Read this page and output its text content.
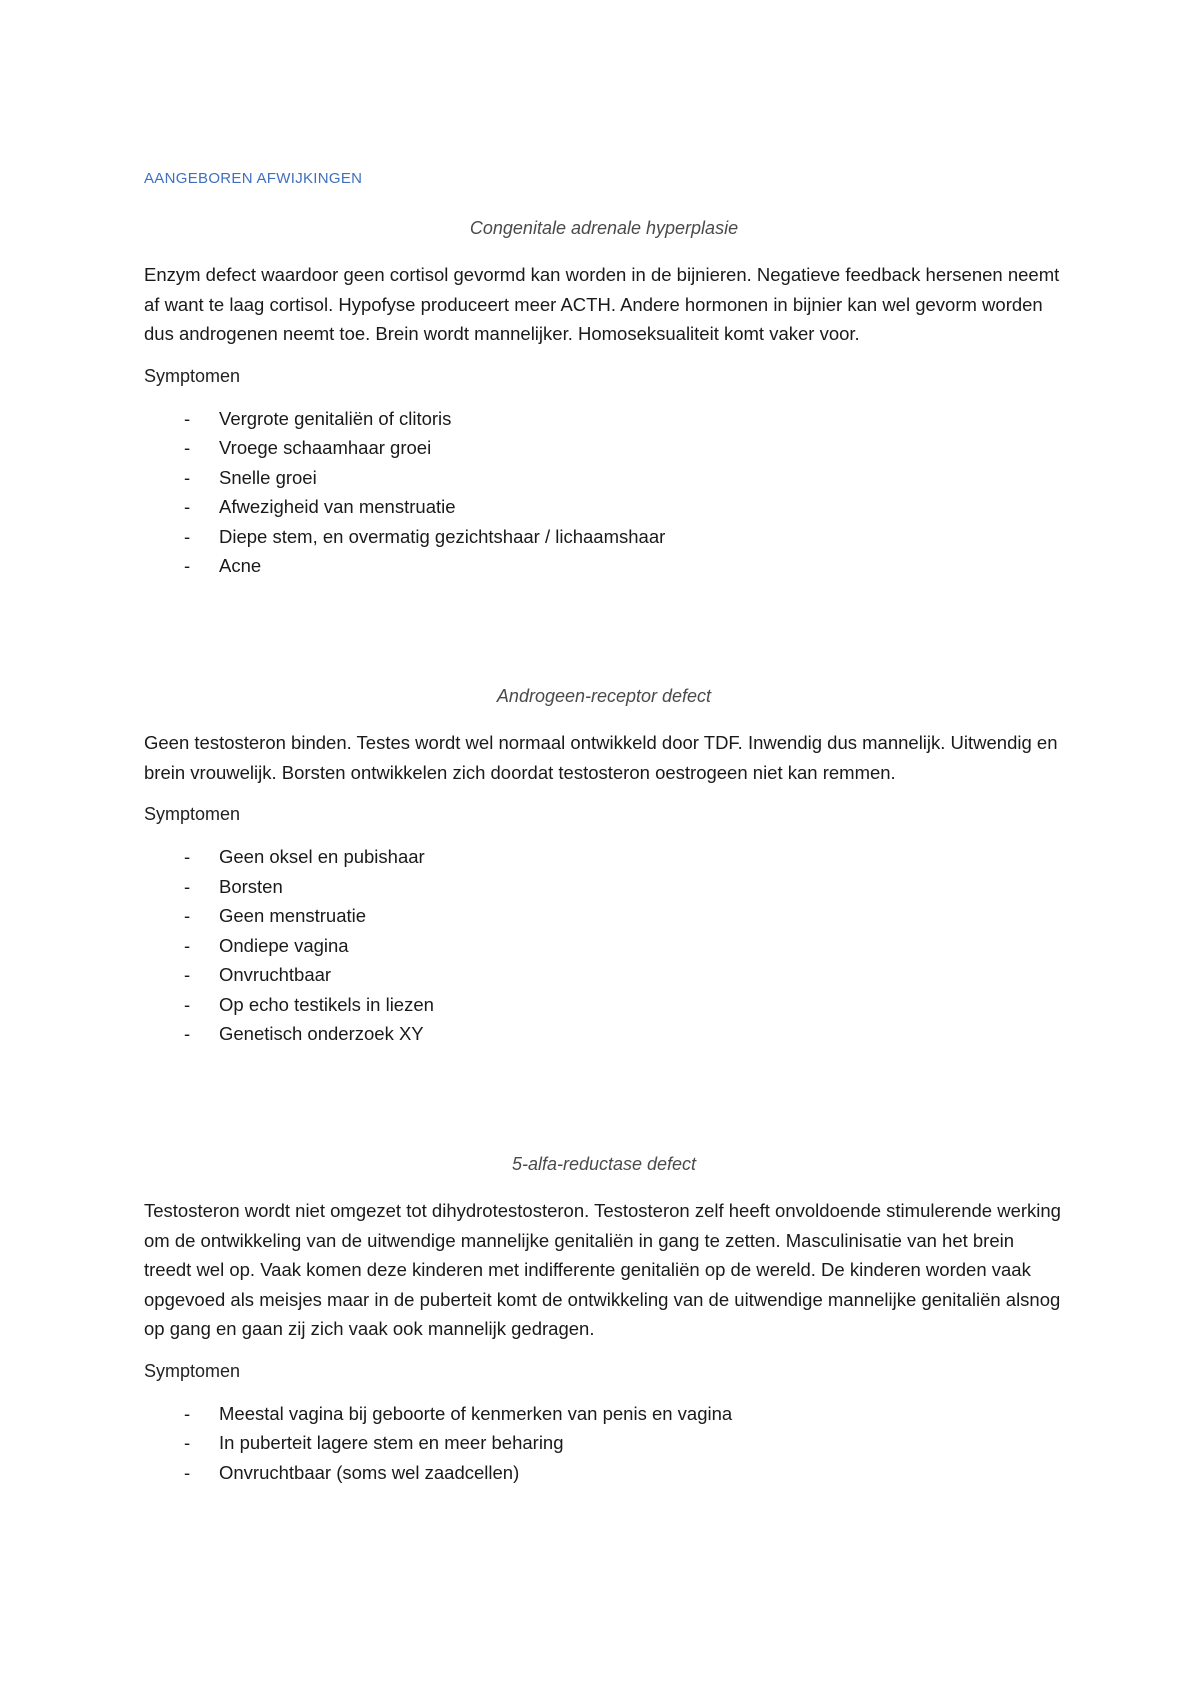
AANGEBOREN AFWIJKINGEN
Congenitale adrenale hyperplasie

Enzym defect waardoor geen cortisol gevormd kan worden in de bijnieren. Negatieve feedback hersenen neemt af want te laag cortisol. Hypofyse produceert meer ACTH. Andere hormonen in bijnier kan wel gevorm worden dus androgenen neemt toe. Brein wordt mannelijker. Homoseksualiteit komt vaker voor.

Symptomen
- Vergrote genitaliën of clitoris
- Vroege schaamhaar groei
- Snelle groei
- Afwezigheid van menstruatie
- Diepe stem, en overmatig gezichtshaar / lichaamshaar
- Acne
Androgeen-receptor defect

Geen testosteron binden. Testes wordt wel normaal ontwikkeld door TDF. Inwendig dus mannelijk. Uitwendig en brein vrouwelijk. Borsten ontwikkelen zich doordat testosteron oestrogeen niet kan remmen.

Symptomen
- Geen oksel en pubishaar
- Borsten
- Geen menstruatie
- Ondiepe vagina
- Onvruchtbaar
- Op echo testikels in liezen
- Genetisch onderzoek XY
5-alfa-reductase defect

Testosteron wordt niet omgezet tot dihydrotestosteron. Testosteron zelf heeft onvoldoende stimulerende werking om de ontwikkeling van de uitwendige mannelijke genitaliën in gang te zetten. Masculinisatie van het brein treedt wel op. Vaak komen deze kinderen met indifferente genitaliën op de wereld. De kinderen worden vaak opgevoed als meisjes maar in de puberteit komt de ontwikkeling van de uitwendige mannelijke genitaliën alsnog op gang en gaan zij zich vaak ook mannelijk gedragen.

Symptomen
- Meestal vagina bij geboorte of kenmerken van penis en vagina
- In puberteit lagere stem en meer beharing
- Onvruchtbaar (soms wel zaadcellen)
